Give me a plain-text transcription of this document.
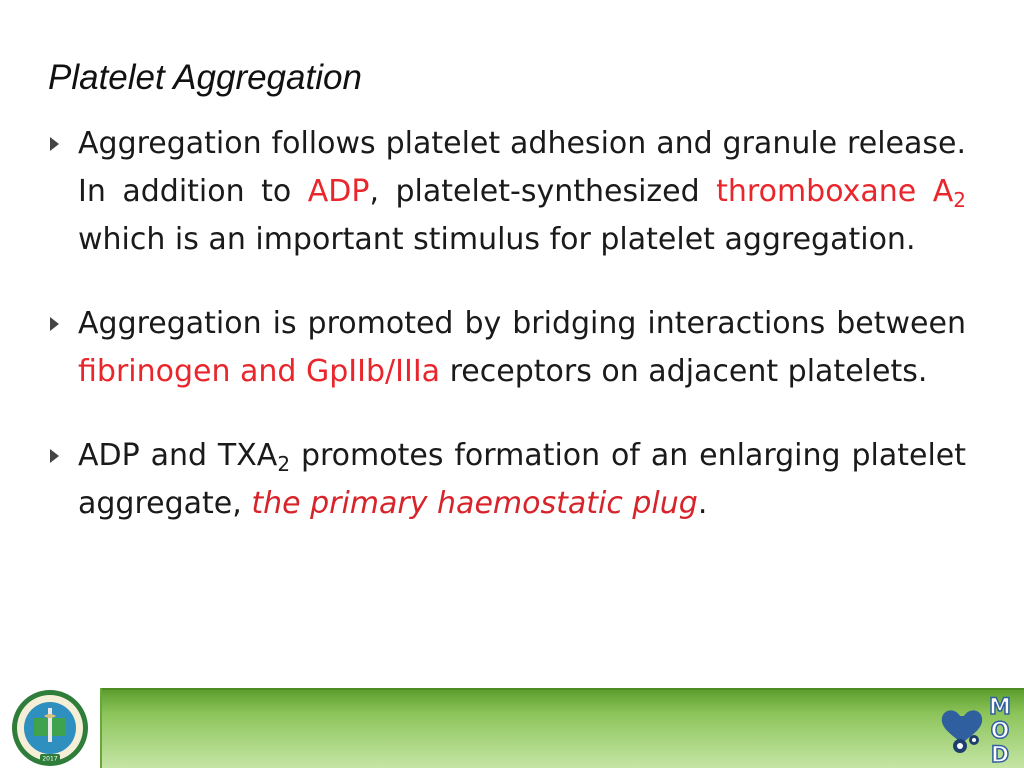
Platelet Aggregation
Aggregation follows platelet adhesion and granule release. In addition to ADP, platelet-synthesized thromboxane $A_2$ which is an important stimulus for platelet aggregation.
Aggregation is promoted by bridging interactions between fibrinogen and GpIIb/IIIa receptors on adjacent platelets.
ADP and $TXA_2$ promotes formation of an enlarging platelet aggregate, the primary haemostatic plug.
2017
M
O
D
